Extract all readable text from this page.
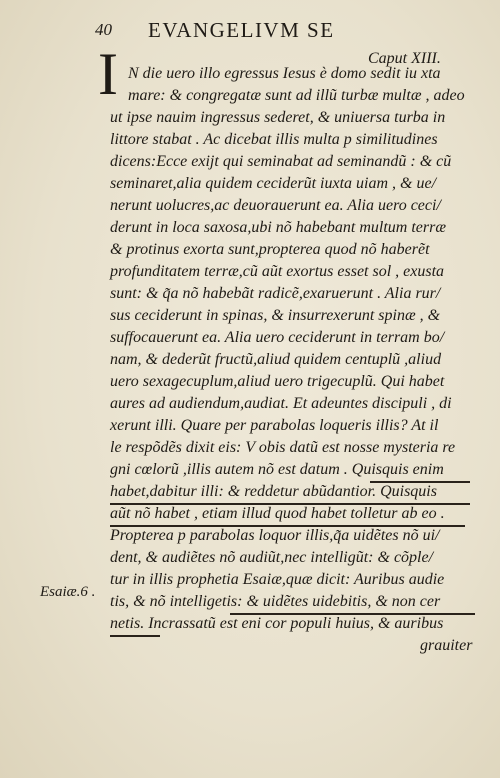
40 EVANGELIVM SE
Caput XIII.
I N die uero illo egressus Iesus è domo sedit iu xta
mare: & congregatæ sunt ad illũ turbæ multæ , adeo
ut ipse nauim ingressus sederet, & uniuersa turba in
littore stabat . Ac dicebat illis multa p similitudines
dicens:Ecce exijt qui seminabat ad seminandũ : & cũ
seminaret,alia quidem ceciderũt iuxta uiam , & ue/
nerunt uolucres,ac deuorauerunt ea. Alia uero ceci/
derunt in loca saxosa,ubi nõ habebant multum terræ
& protinus exorta sunt,propterea quod nõ haberẽt
profunditatem terræ,cũ aũt exortus esset sol , exusta
sunt: & q̃a nõ habebãt radicẽ,exaruerunt . Alia rur/
sus ceciderunt in spinas, & insurrexerunt spinæ , &
suffocauerunt ea. Alia uero ceciderunt in terram bo/
nam, & dederũt fructũ,aliud quidem centuplũ ,aliud
uero sexagecuplum,aliud uero trigecuplũ. Qui habet
aures ad audiendum,audiat. Et adeuntes discipuli , di
xerunt illi. Quare per parabolas loqueris illis? At il
le respõdẽs dixit eis: V obis datũ est nosse mysteria re
gni cœlorũ ,illis autem nõ est datum . Quisquis enim
habet,dabitur illi: & reddetur abũdantior. Quisquis
aũt nõ habet , etiam illud quod habet tolletur ab eo .
Propterea p parabolas loquor illis,q̃a uidẽtes nõ ui/
dent, & audiẽtes nõ audiũt,nec intelligũt: & cõple/
tur in illis prophetia Esaiæ,quæ dicit: Auribus audie
tis, & nõ intelligetis: & uidẽtes uidebitis, & non cer
netis. Incrassatũ est eni cor populi huius, & auribus
grauiter
Esaiæ.6 .
